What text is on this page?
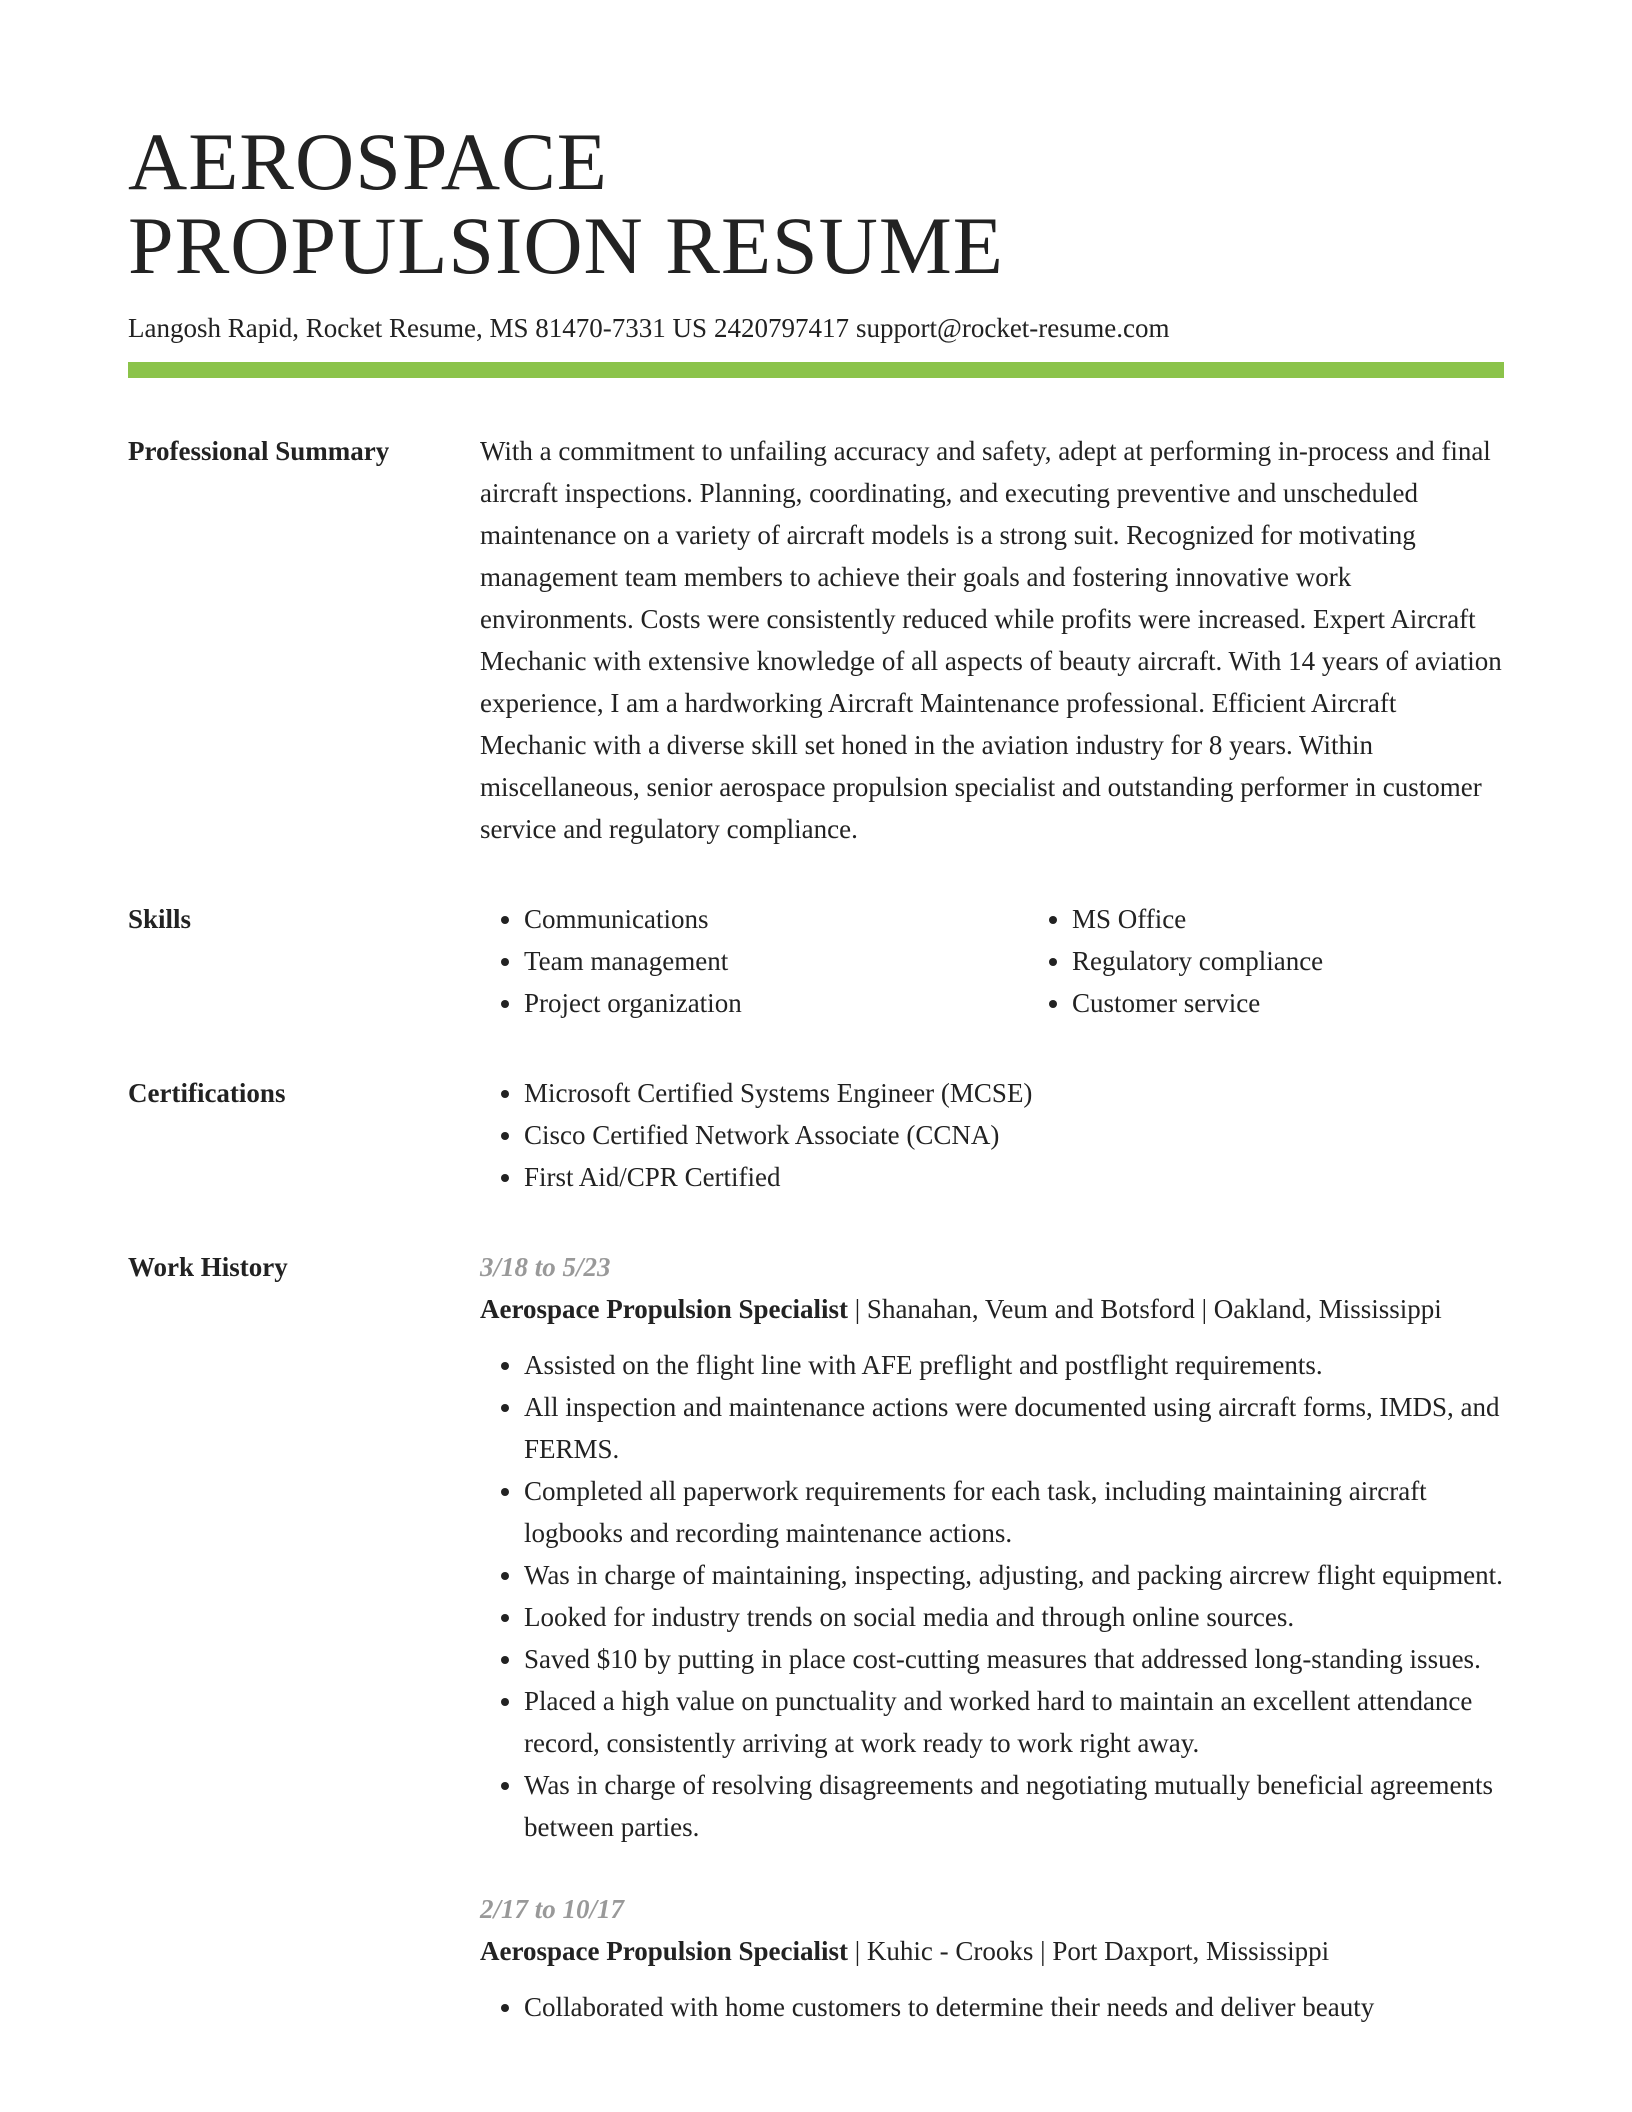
AEROSPACE
PROPULSION RESUME
Langosh Rapid, Rocket Resume, MS 81470-7331 US 2420797417 support@rocket-resume.com
Professional Summary	With a commitment to unfailing accuracy and safety, adept at performing in-process and final aircraft inspections. Planning, coordinating, and executing preventive and unscheduled maintenance on a variety of aircraft models is a strong suit. Recognized for motivating management team members to achieve their goals and fostering innovative work environments. Costs were consistently reduced while profits were increased. Expert Aircraft Mechanic with extensive knowledge of all aspects of beauty aircraft. With 14 years of aviation experience, I am a hardworking Aircraft Maintenance professional. Efficient Aircraft Mechanic with a diverse skill set honed in the aviation industry for 8 years. Within miscellaneous, senior aerospace propulsion specialist and outstanding performer in customer service and regulatory compliance.

Skills	• Communications
• Team management
• Project organization
• MS Office
• Regulatory compliance
• Customer service
Certifications	• Microsoft Certified Systems Engineer (MCSE)
• Cisco Certified Network Associate (CCNA)
• First Aid/CPR Certified
Work History	3/18 to 5/23
Aerospace Propulsion Specialist | Shanahan, Veum and Botsford | Oakland, Mississippi
• Assisted on the flight line with AFE preflight and postflight requirements.
• All inspection and maintenance actions were documented using aircraft forms, IMDS, and FERMS.
• Completed all paperwork requirements for each task, including maintaining aircraft logbooks and recording maintenance actions.
• Was in charge of maintaining, inspecting, adjusting, and packing aircrew flight equipment.
• Looked for industry trends on social media and through online sources.
• Saved $10 by putting in place cost-cutting measures that addressed long-standing issues.
• Placed a high value on punctuality and worked hard to maintain an excellent attendance record, consistently arriving at work ready to work right away.
• Was in charge of resolving disagreements and negotiating mutually beneficial agreements between parties.
2/17 to 10/17
Aerospace Propulsion Specialist | Kuhic - Crooks | Port Daxport, Mississippi
• Collaborated with home customers to determine their needs and deliver beauty
